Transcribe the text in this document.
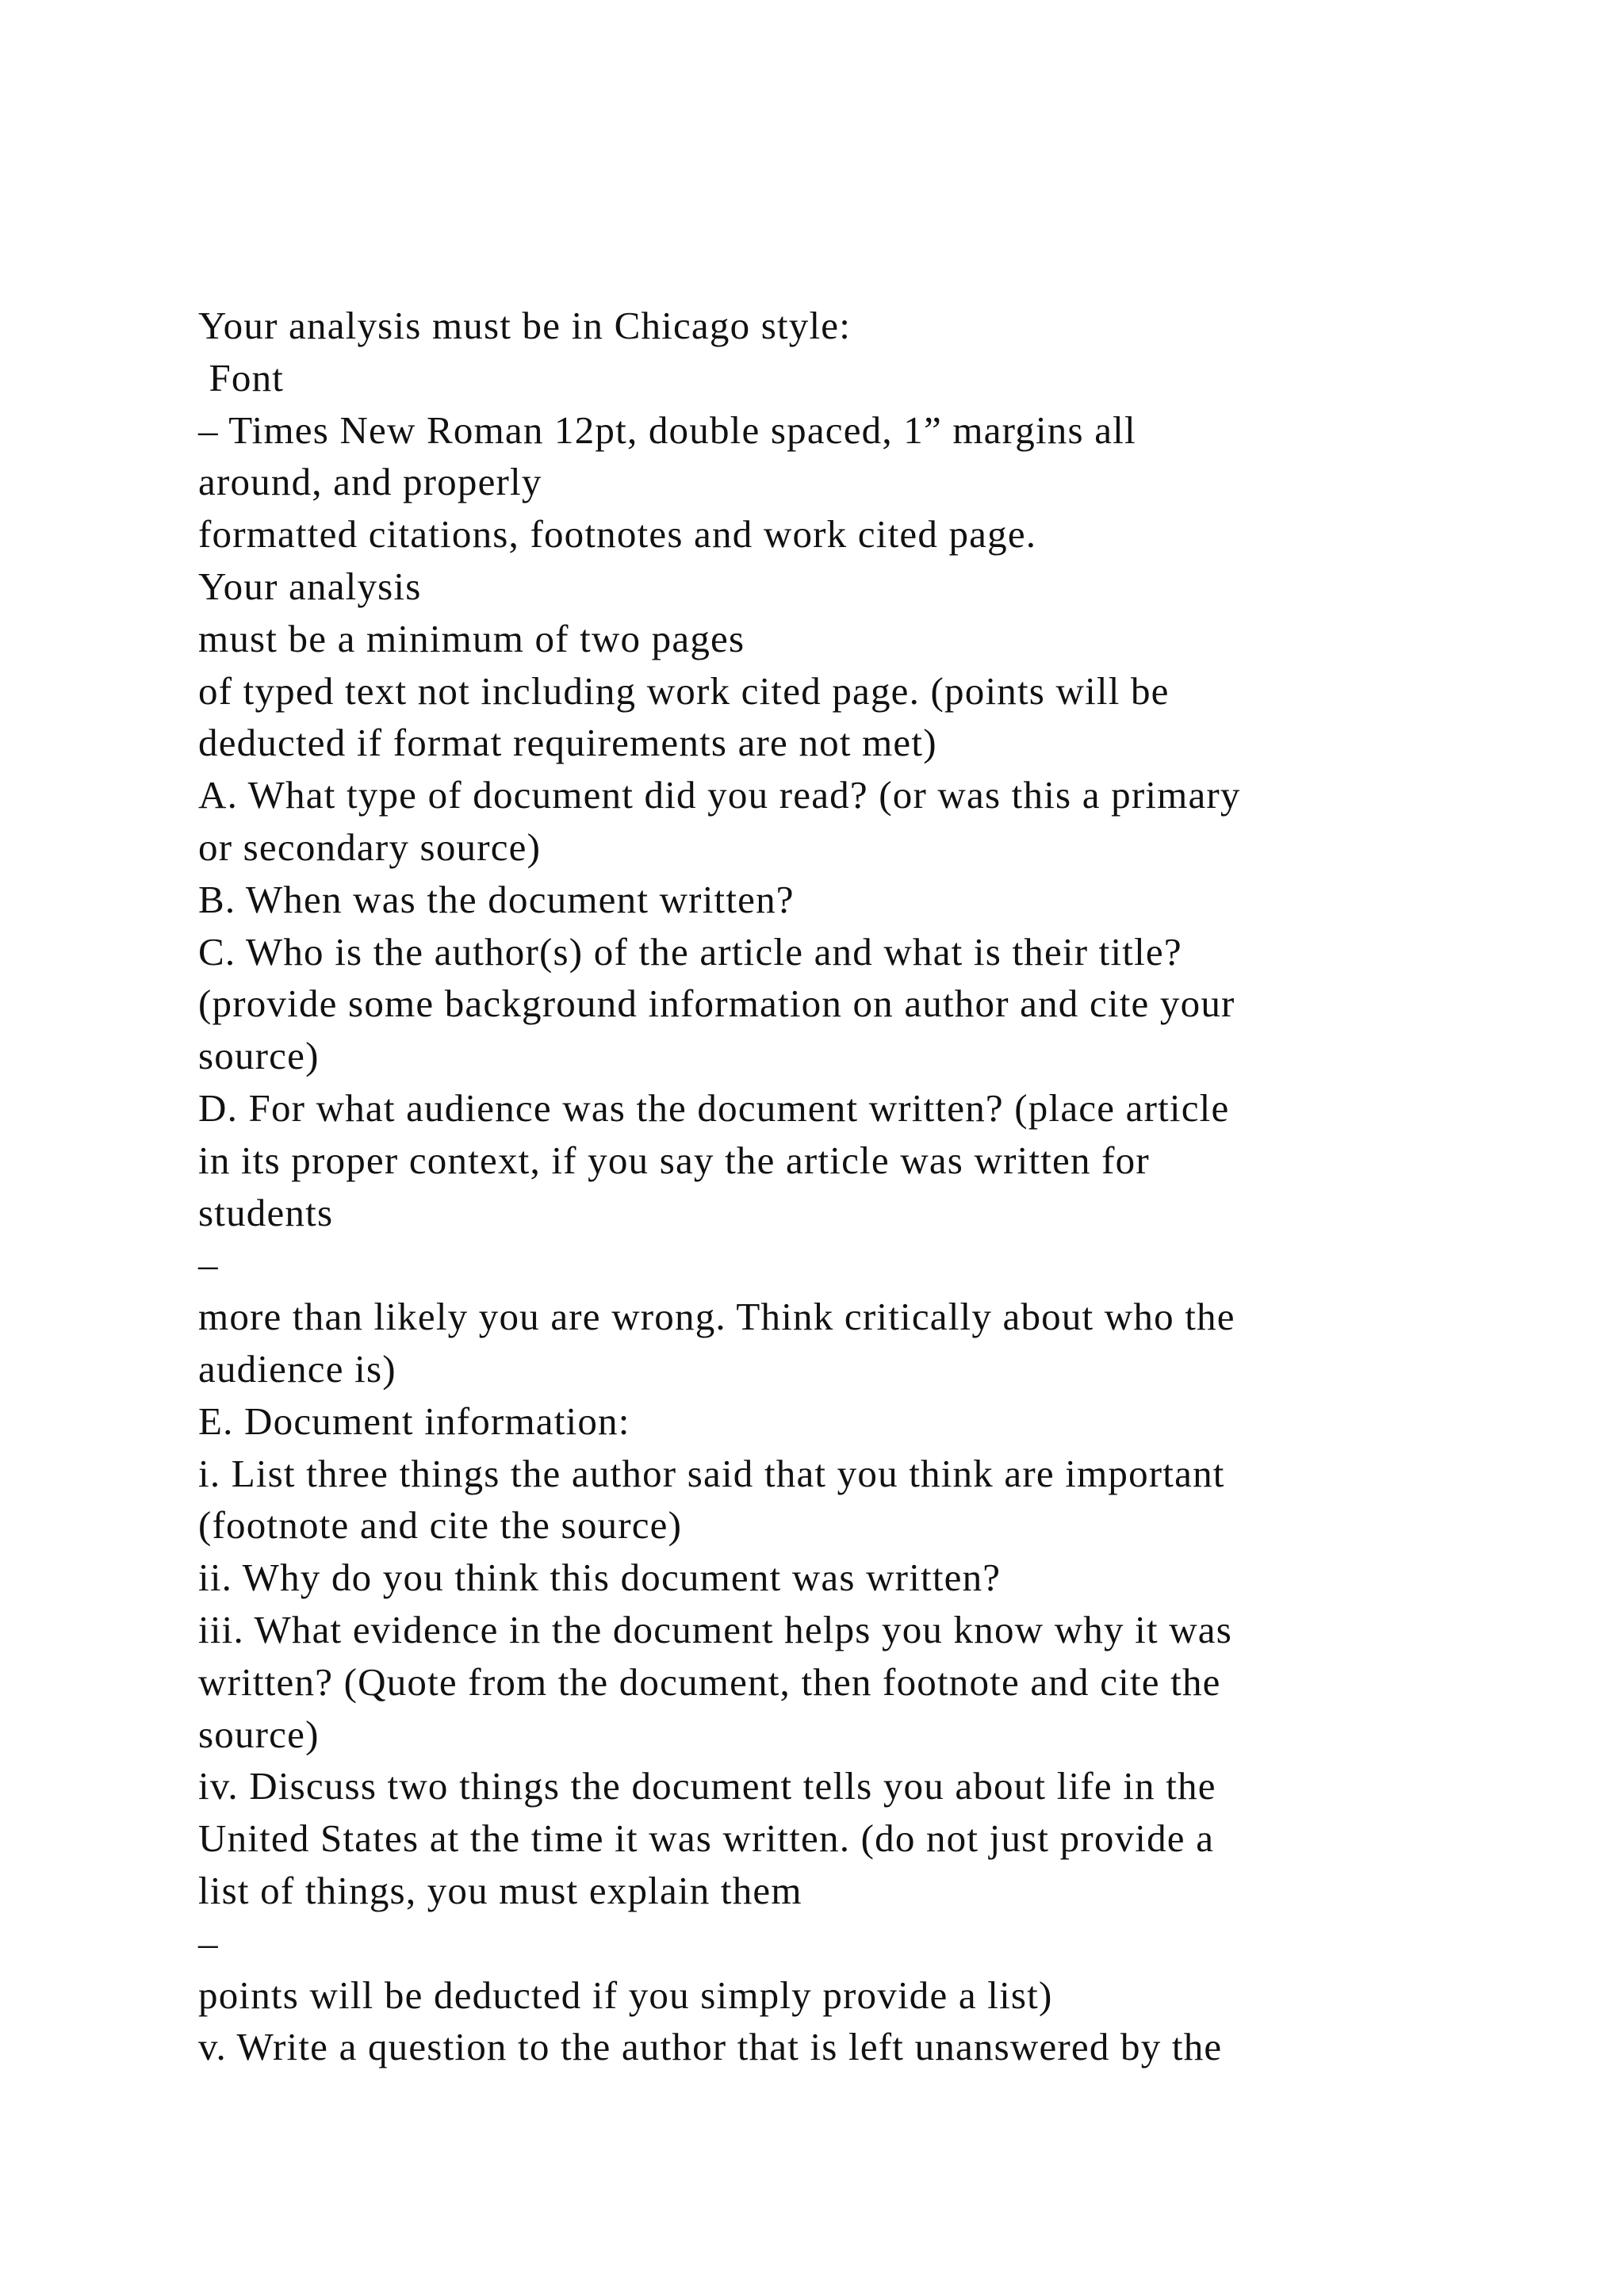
Your analysis must be in Chicago style:
Font
– Times New Roman 12pt, double spaced, 1” margins all
around, and properly
formatted citations, footnotes and work cited page.
Your analysis
must be a minimum of two pages
of typed text not including work cited page. (points will be
deducted if format requirements are not met)
A. What type of document did you read? (or was this a primary
or secondary source)
B. When was the document written?
C. Who is the author(s) of the article and what is their title?
(provide some background information on author and cite your
source)
D. For what audience was the document written? (place article
in its proper context, if you say the article was written for
students
–
more than likely you are wrong. Think critically about who the
audience is)
E. Document information:
i. List three things the author said that you think are important
(footnote and cite the source)
ii. Why do you think this document was written?
iii. What evidence in the document helps you know why it was
written? (Quote from the document, then footnote and cite the
source)
iv. Discuss two things the document tells you about life in the
United States at the time it was written. (do not just provide a
list of things, you must explain them
–
points will be deducted if you simply provide a list)
v. Write a question to the author that is left unanswered by the
